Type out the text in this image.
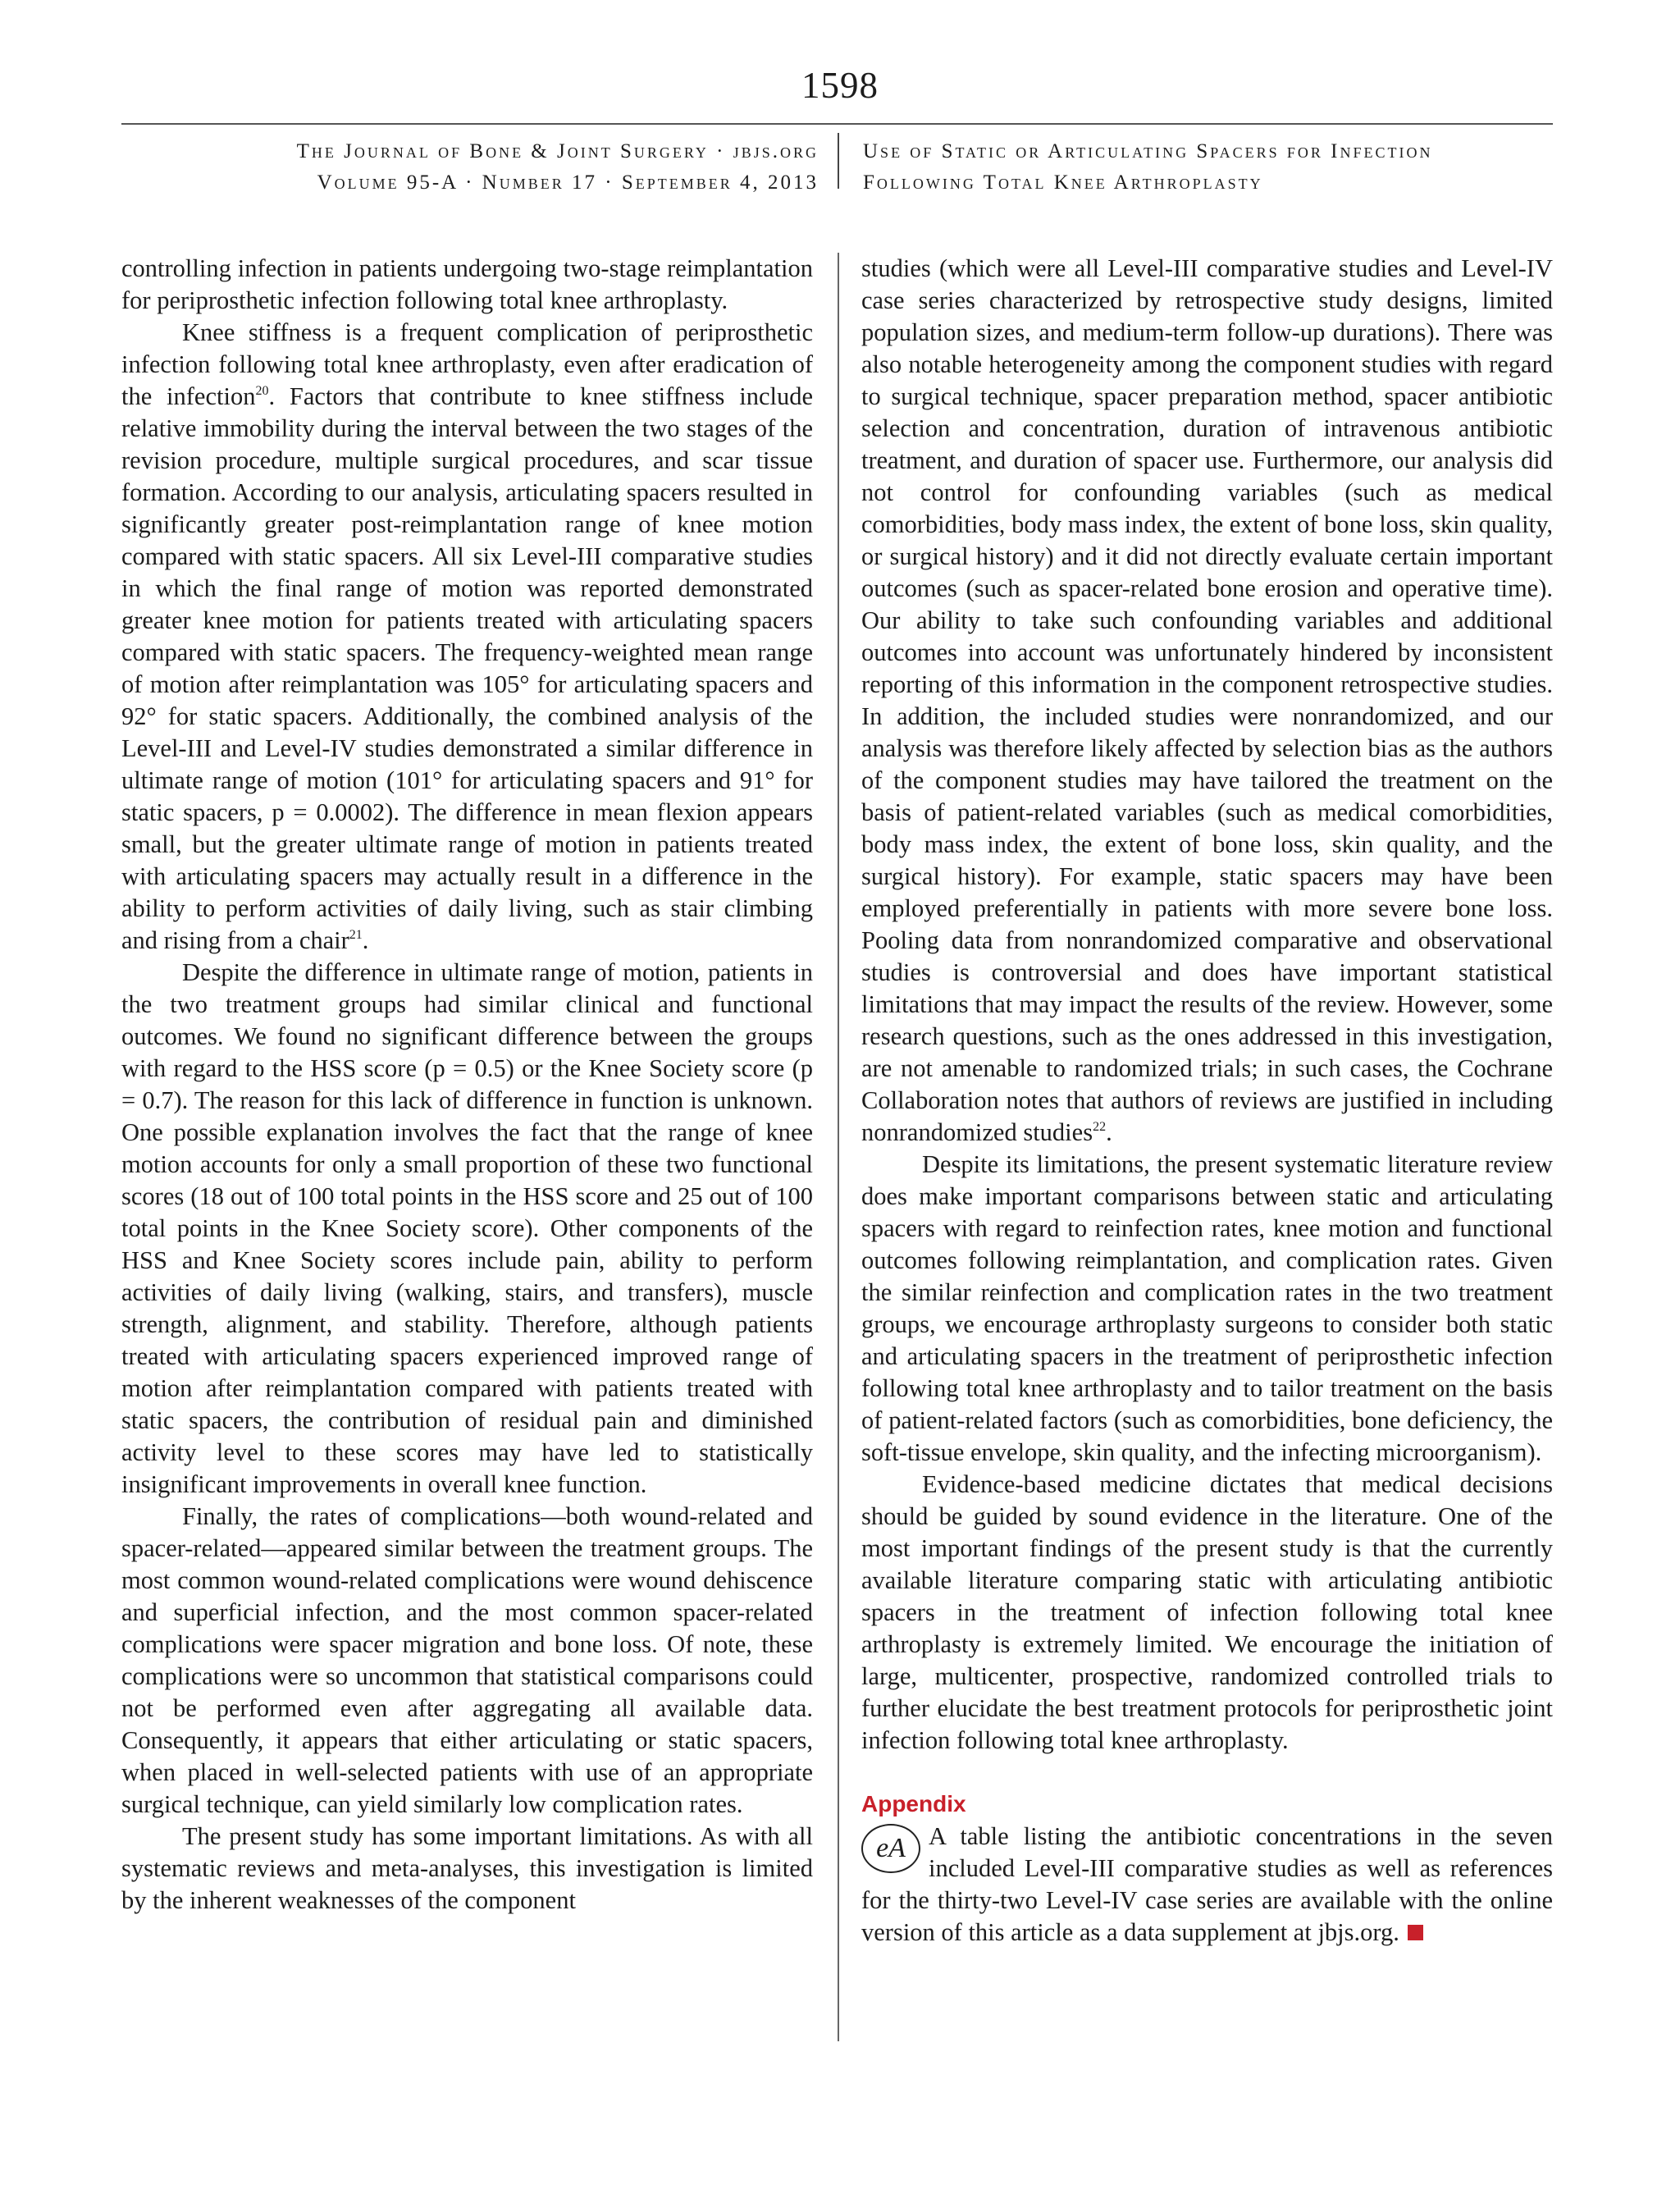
1598
The Journal of Bone & Joint Surgery · jbjs.org
Volume 95-A · Number 17 · September 4, 2013
Use of Static or Articulating Spacers for Infection
Following Total Knee Arthroplasty

controlling infection in patients undergoing two-stage reimplantation for periprosthetic infection following total knee arthroplasty.

Knee stiffness is a frequent complication of periprosthetic infection following total knee arthroplasty, even after eradication of the infection$^{20}$. Factors that contribute to knee stiffness include relative immobility during the interval between the two stages of the revision procedure, multiple surgical procedures, and scar tissue formation. According to our analysis, articulating spacers resulted in significantly greater post-reimplantation range of knee motion compared with static spacers. All six Level-III comparative studies in which the final range of motion was reported demonstrated greater knee motion for patients treated with articulating spacers compared with static spacers. The frequency-weighted mean range of motion after reimplantation was 105° for articulating spacers and 92° for static spacers. Additionally, the combined analysis of the Level-III and Level-IV studies demonstrated a similar difference in ultimate range of motion (101° for articulating spacers and 91° for static spacers, p = 0.0002). The difference in mean flexion appears small, but the greater ultimate range of motion in patients treated with articulating spacers may actually result in a difference in the ability to perform activities of daily living, such as stair climbing and rising from a chair$^{21}$.

Despite the difference in ultimate range of motion, patients in the two treatment groups had similar clinical and functional outcomes. We found no significant difference between the groups with regard to the HSS score (p = 0.5) or the Knee Society score (p = 0.7). The reason for this lack of difference in function is unknown. One possible explanation involves the fact that the range of knee motion accounts for only a small proportion of these two functional scores (18 out of 100 total points in the HSS score and 25 out of 100 total points in the Knee Society score). Other components of the HSS and Knee Society scores include pain, ability to perform activities of daily living (walking, stairs, and transfers), muscle strength, alignment, and stability. Therefore, although patients treated with articulating spacers experienced improved range of motion after reimplantation compared with patients treated with static spacers, the contribution of residual pain and diminished activity level to these scores may have led to statistically insignificant improvements in overall knee function.

Finally, the rates of complications—both wound-related and spacer-related—appeared similar between the treatment groups. The most common wound-related complications were wound dehiscence and superficial infection, and the most common spacer-related complications were spacer migration and bone loss. Of note, these complications were so uncommon that statistical comparisons could not be performed even after aggregating all available data. Consequently, it appears that either articulating or static spacers, when placed in well-selected patients with use of an appropriate surgical technique, can yield similarly low complication rates.

The present study has some important limitations. As with all systematic reviews and meta-analyses, this investigation is limited by the inherent weaknesses of the component

studies (which were all Level-III comparative studies and Level-IV case series characterized by retrospective study designs, limited population sizes, and medium-term follow-up durations). There was also notable heterogeneity among the component studies with regard to surgical technique, spacer preparation method, spacer antibiotic selection and concentration, duration of intravenous antibiotic treatment, and duration of spacer use. Furthermore, our analysis did not control for confounding variables (such as medical comorbidities, body mass index, the extent of bone loss, skin quality, or surgical history) and it did not directly evaluate certain important outcomes (such as spacer-related bone erosion and operative time). Our ability to take such confounding variables and additional outcomes into account was unfortunately hindered by inconsistent reporting of this information in the component retrospective studies. In addition, the included studies were nonrandomized, and our analysis was therefore likely affected by selection bias as the authors of the component studies may have tailored the treatment on the basis of patient-related variables (such as medical comorbidities, body mass index, the extent of bone loss, skin quality, and the surgical history). For example, static spacers may have been employed preferentially in patients with more severe bone loss. Pooling data from nonrandomized comparative and observational studies is controversial and does have important statistical limitations that may impact the results of the review. However, some research questions, such as the ones addressed in this investigation, are not amenable to randomized trials; in such cases, the Cochrane Collaboration notes that authors of reviews are justified in including nonrandomized studies$^{22}$.

Despite its limitations, the present systematic literature review does make important comparisons between static and articulating spacers with regard to reinfection rates, knee motion and functional outcomes following reimplantation, and complication rates. Given the similar reinfection and complication rates in the two treatment groups, we encourage arthroplasty surgeons to consider both static and articulating spacers in the treatment of periprosthetic infection following total knee arthroplasty and to tailor treatment on the basis of patient-related factors (such as comorbidities, bone deficiency, the soft-tissue envelope, skin quality, and the infecting microorganism).

Evidence-based medicine dictates that medical decisions should be guided by sound evidence in the literature. One of the most important findings of the present study is that the currently available literature comparing static with articulating antibiotic spacers in the treatment of infection following total knee arthroplasty is extremely limited. We encourage the initiation of large, multicenter, prospective, randomized controlled trials to further elucidate the best treatment protocols for periprosthetic joint infection following total knee arthroplasty.

Appendix

eA A table listing the antibiotic concentrations in the seven included Level-III comparative studies as well as references for the thirty-two Level-IV case series are available with the online version of this article as a data supplement at jbjs.org.
